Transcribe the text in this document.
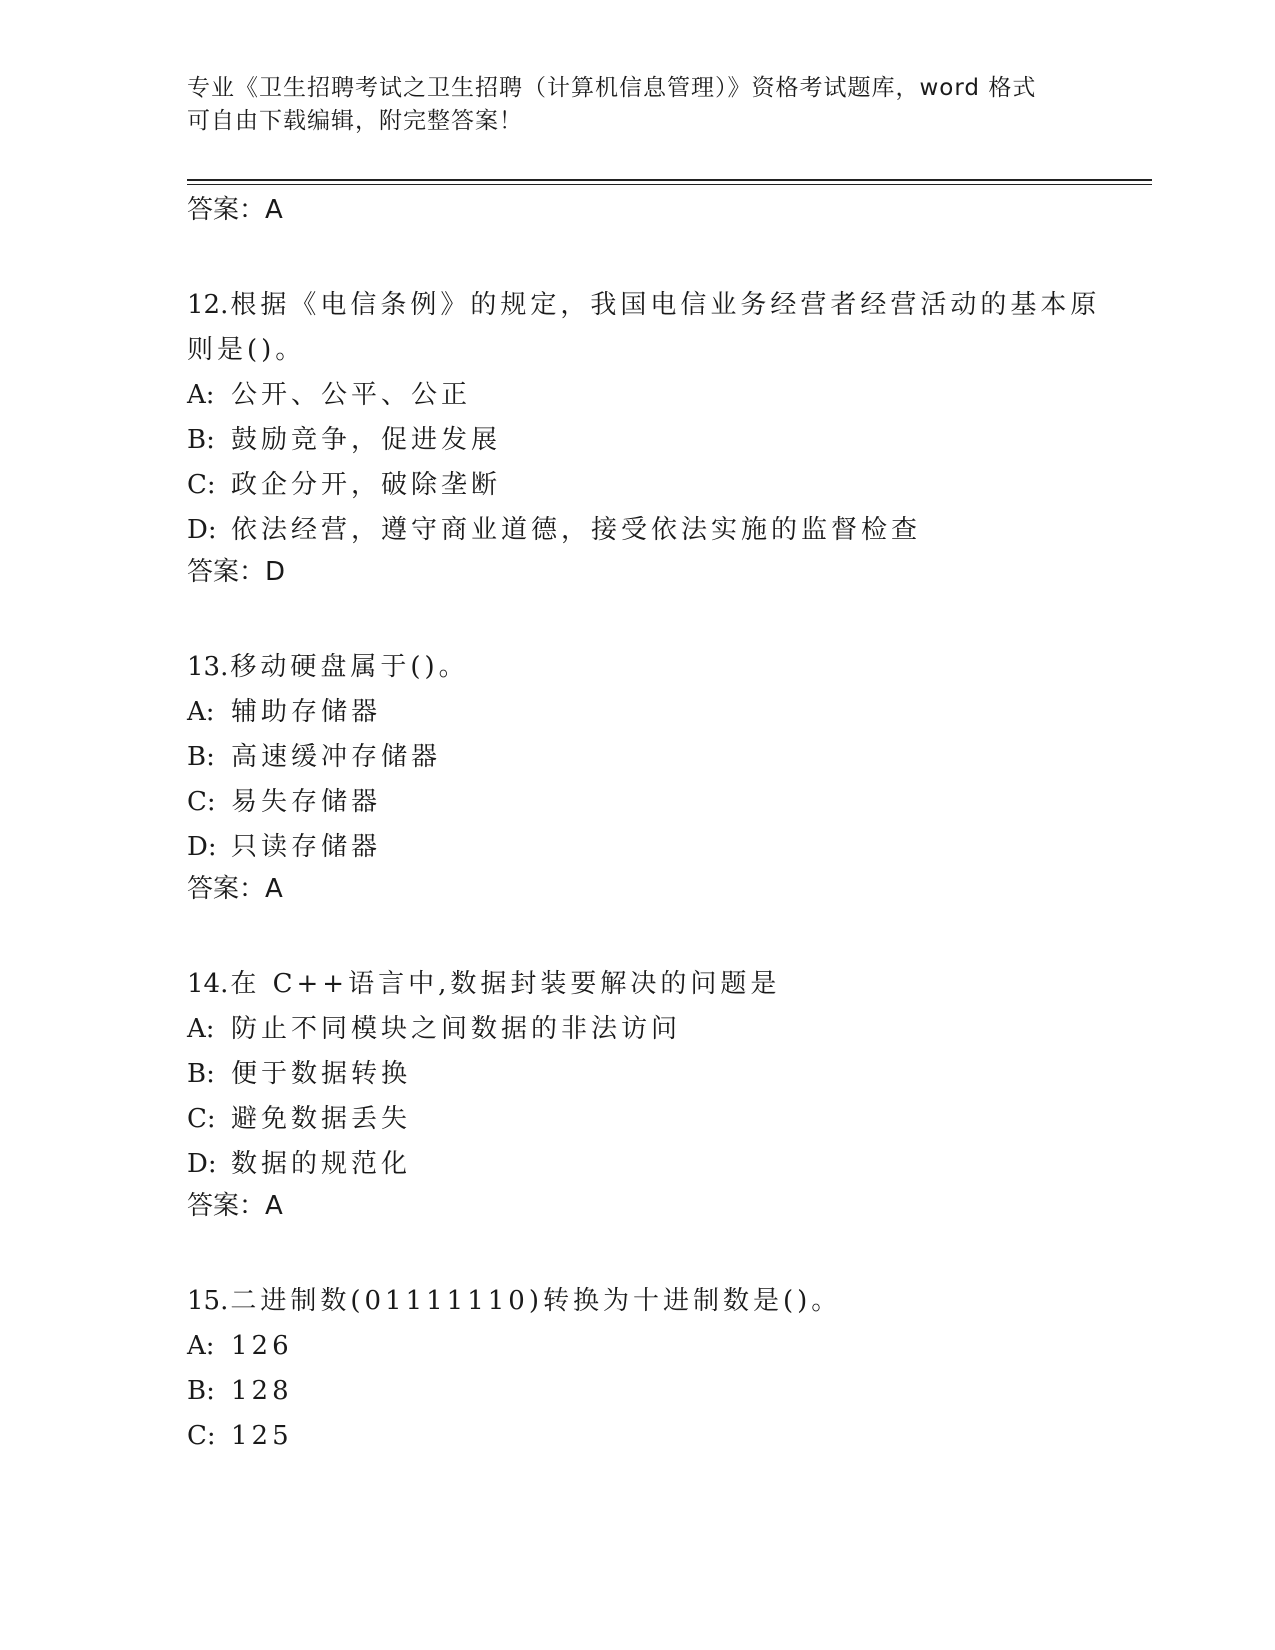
专业《卫生招聘考试之卫生招聘（计算机信息管理）》资格考试题库，word 格式
可自由下载编辑，附完整答案！

答案：A

12.根据《电信条例》的规定，我国电信业务经营者经营活动的基本原
则是()。

A: 公开、公平、公正

B: 鼓励竞争，促进发展

C: 政企分开，破除垄断

D: 依法经营，遵守商业道德，接受依法实施的监督检查

答案：D

13.移动硬盘属于()。

A: 辅助存储器

B: 高速缓冲存储器

C: 易失存储器

D: 只读存储器

答案：A

14.在 C++语言中,数据封装要解决的问题是

A: 防止不同模块之间数据的非法访问

B: 便于数据转换

C: 避免数据丢失

D: 数据的规范化

答案：A

15.二进制数(01111110)转换为十进制数是()。

A: 126

B: 128

C: 125
